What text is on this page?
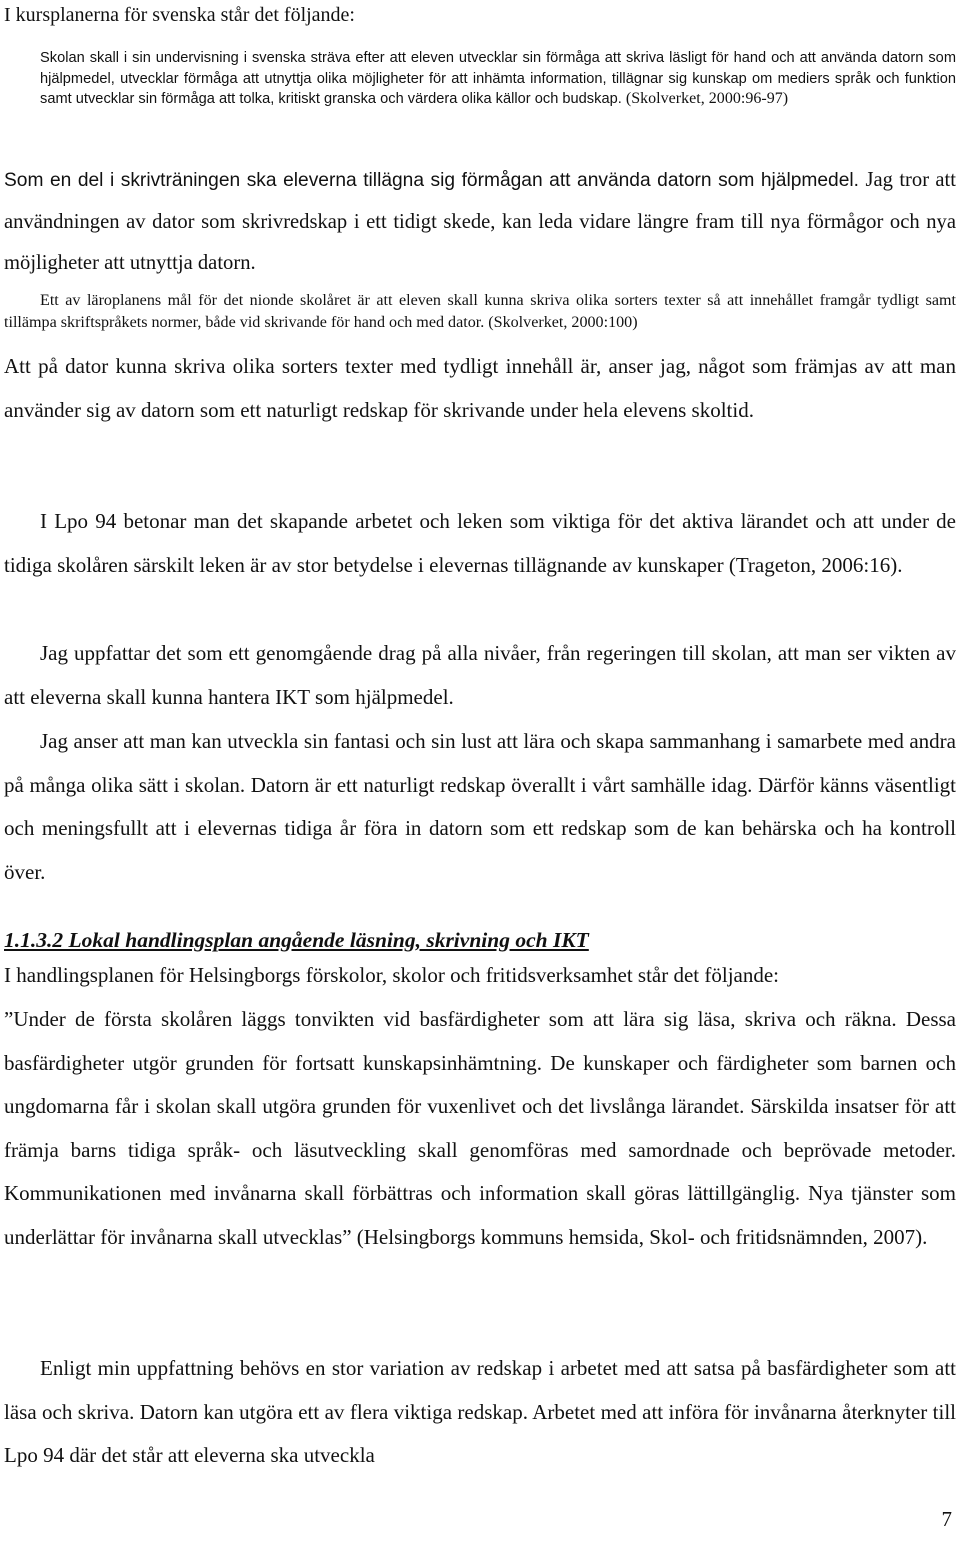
I kursplanerna för svenska står det följande:

Skolan skall i sin undervisning i svenska sträva efter att eleven utvecklar sin förmåga att skriva läsligt för hand och att använda datorn som hjälpmedel, utvecklar förmåga att utnyttja olika möjligheter för att inhämta information, tillägnar sig kunskap om mediers språk och funktion samt utvecklar sin förmåga att tolka, kritiskt granska och värdera olika källor och budskap. (Skolverket, 2000:96-97)

Som en del i skrivträningen ska eleverna tillägna sig förmågan att använda datorn som hjälpmedel. Jag tror att användningen av dator som skrivredskap i ett tidigt skede, kan leda vidare längre fram till nya förmågor och nya möjligheter att utnyttja datorn.

Ett av läroplanens mål för det nionde skolåret är att eleven skall kunna skriva olika sorters texter så att innehållet framgår tydligt samt tillämpa skriftspråkets normer, både vid skrivande för hand och med dator. (Skolverket, 2000:100)

Att på dator kunna skriva olika sorters texter med tydligt innehåll är, anser jag, något som främjas av att man använder sig av datorn som ett naturligt redskap för skrivande under hela elevens skoltid.

I Lpo 94 betonar man det skapande arbetet och leken som viktiga för det aktiva lärandet och att under de tidiga skolåren särskilt leken är av stor betydelse i elevernas tillägnande av kunskaper (Trageton, 2006:16).

Jag uppfattar det som ett genomgående drag på alla nivåer, från regeringen till skolan, att man ser vikten av att eleverna skall kunna hantera IKT som hjälpmedel.

Jag anser att man kan utveckla sin fantasi och sin lust att lära och skapa sammanhang i samarbete med andra på många olika sätt i skolan. Datorn är ett naturligt redskap överallt i vårt samhälle idag. Därför känns väsentligt och meningsfullt att i elevernas tidiga år föra in datorn som ett redskap som de kan behärska och ha kontroll över.

1.1.3.2 Lokal handlingsplan angående läsning, skrivning och IKT

I handlingsplanen för Helsingborgs förskolor, skolor och fritidsverksamhet står det följande:

”Under de första skolåren läggs tonvikten vid basfärdigheter som att lära sig läsa, skriva och räkna. Dessa basfärdigheter utgör grunden för fortsatt kunskapsinhämtning. De kunskaper och färdigheter som barnen och ungdomarna får i skolan skall utgöra grunden för vuxenlivet och det livslånga lärandet. Särskilda insatser för att främja barns tidiga språk- och läsutveckling skall genomföras med samordnade och beprövade metoder. Kommunikationen med invånarna skall förbättras och information skall göras lättillgänglig. Nya tjänster som underlättar för invånarna skall utvecklas” (Helsingborgs kommuns hemsida, Skol- och fritidsnämnden, 2007).

Enligt min uppfattning behövs en stor variation av redskap i arbetet med att satsa på basfärdigheter som att läsa och skriva. Datorn kan utgöra ett av flera viktiga redskap. Arbetet med att införa för invånarna återknyter till Lpo 94 där det står att eleverna ska utveckla

7
